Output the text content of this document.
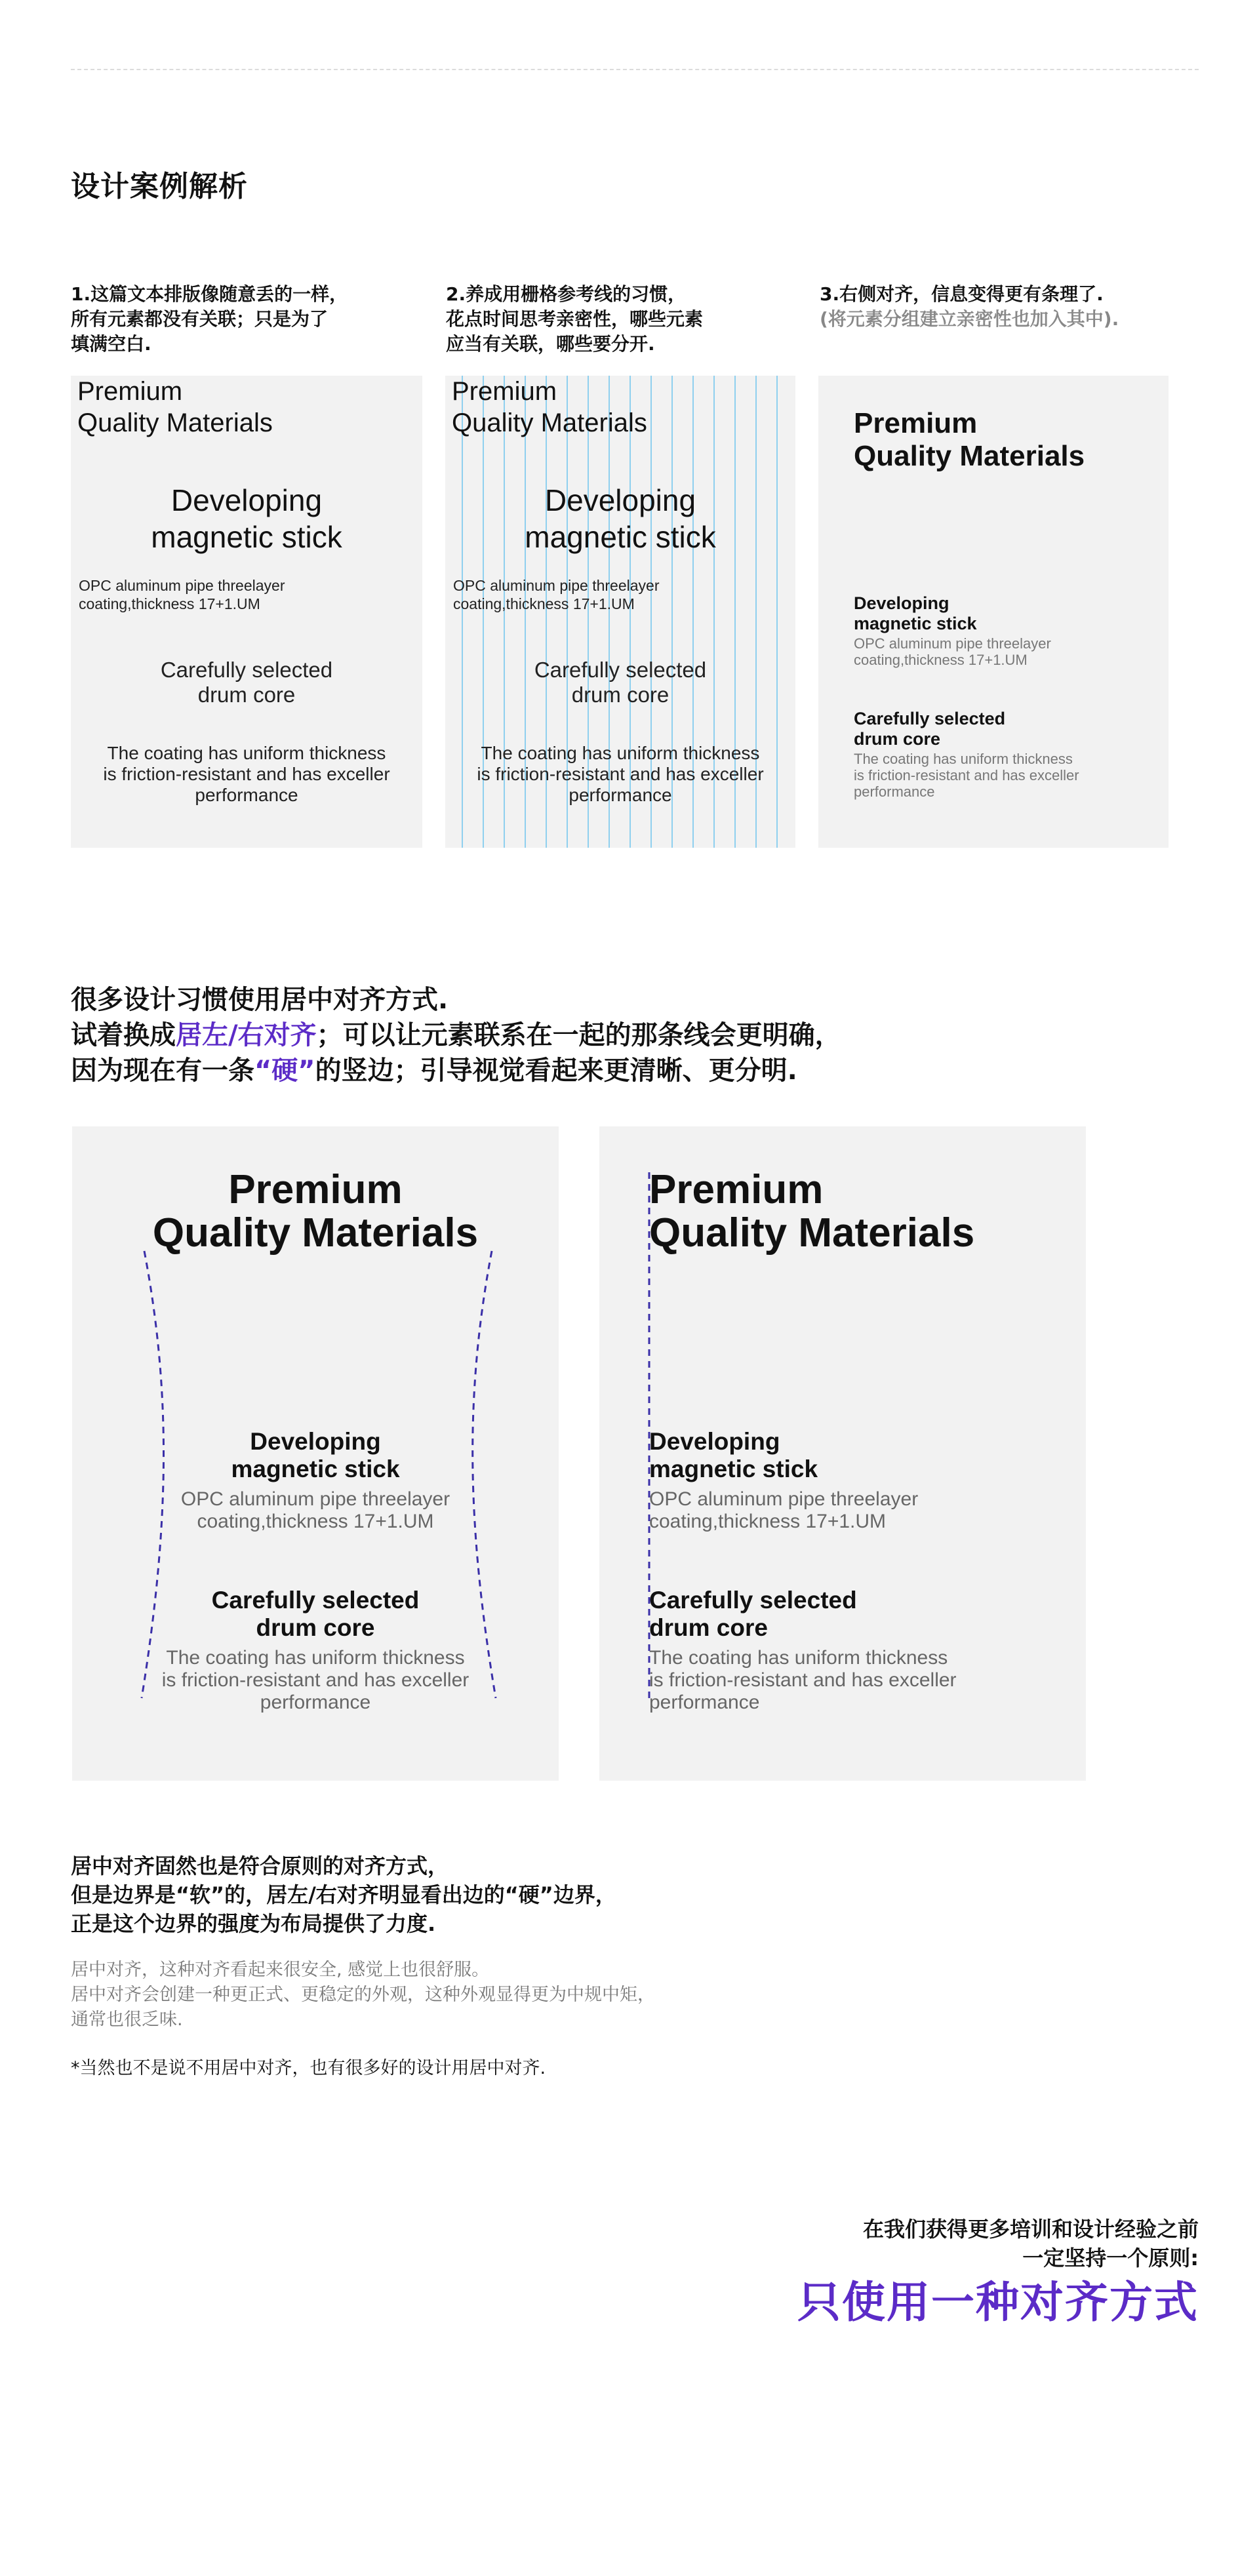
设计案例解析
1.这篇文本排版像随意丢的一样，
所有元素都没有关联；只是为了
填满空白.
2.养成用栅格参考线的习惯，
花点时间思考亲密性，哪些元素
应当有关联，哪些要分开.
3.右侧对齐，信息变得更有条理了.
(将元素分组建立亲密性也加入其中).
Premium
Quality Materials
Developing
magnetic stick
OPC aluminum pipe threelayer
coating,thickness 17+1.UM
Carefully selected
drum core
The coating has uniform thickness
is friction-resistant and has exceller
performance
Premium
Quality Materials
Developing
magnetic stick
OPC aluminum pipe threelayer
coating,thickness 17+1.UM
Carefully selected
drum core
The coating has uniform thickness
is friction-resistant and has exceller
performance
Premium
Quality Materials
Developing
magnetic stick
OPC aluminum pipe threelayer
coating,thickness 17+1.UM
Carefully selected
drum core
The coating has uniform thickness
is friction-resistant and has exceller
performance
很多设计习惯使用居中对齐方式.
试着换成居左/右对齐；可以让元素联系在一起的那条线会更明确，
因为现在有一条“硬”的竖边；引导视觉看起来更清晰、更分明.
Premium
Quality Materials
Developing
magnetic stick
OPC aluminum pipe threelayer
coating,thickness 17+1.UM
Carefully selected
drum core
The coating has uniform thickness
is friction-resistant and has exceller
performance
Premium
Quality Materials
Developing
magnetic stick
OPC aluminum pipe threelayer
coating,thickness 17+1.UM
Carefully selected
drum core
The coating has uniform thickness
is friction-resistant and has exceller
performance
居中对齐固然也是符合原则的对齐方式，
但是边界是“软”的，居左/右对齐明显看出边的“硬”边界，
正是这个边界的强度为布局提供了力度.
居中对齐，这种对齐看起来很安全, 感觉上也很舒服。
居中对齐会创建一种更正式、更稳定的外观，这种外观显得更为中规中矩，
通常也很乏味.
*当然也不是说不用居中对齐，也有很多好的设计用居中对齐.
在我们获得更多培训和设计经验之前
一定坚持一个原则:
只使用一种对齐方式
